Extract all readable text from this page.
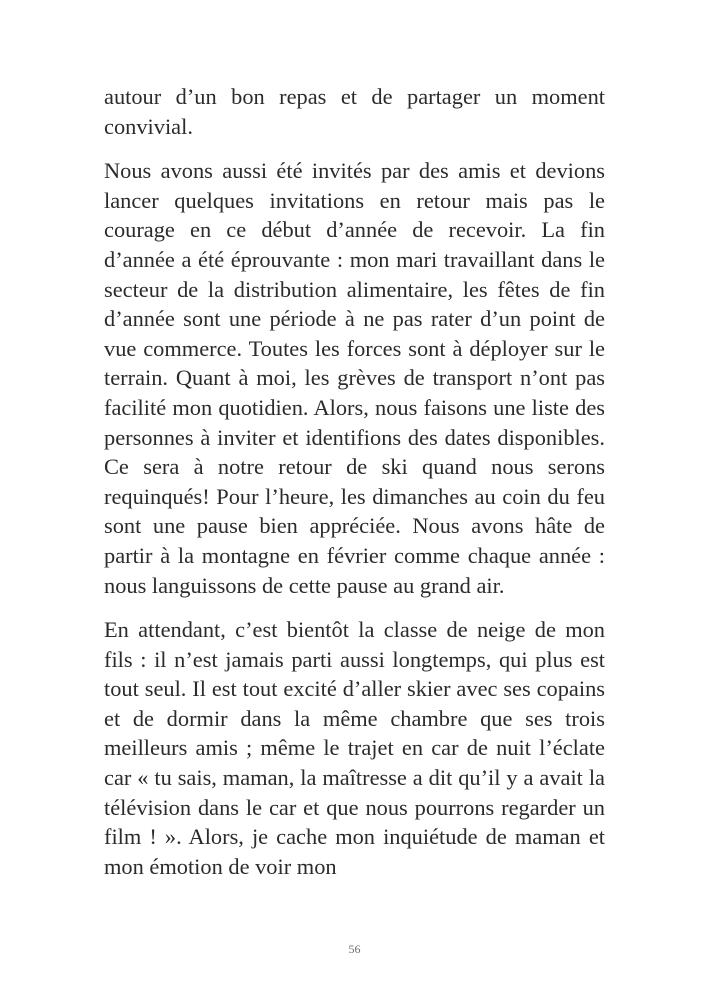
autour d’un bon repas et de partager un moment convivial.

Nous avons aussi été invités par des amis et devions lancer quelques invitations en retour mais pas le courage en ce début d’année de recevoir. La fin d’année a été éprouvante : mon mari travaillant dans le secteur de la distribution alimentaire, les fêtes de fin d’année sont une période à ne pas rater d’un point de vue commerce. Toutes les forces sont à déployer sur le terrain. Quant à moi, les grèves de transport n’ont pas facilité mon quotidien. Alors, nous faisons une liste des personnes à inviter et identifions des dates disponibles. Ce sera à notre retour de ski quand nous serons requinqués! Pour l’heure, les dimanches au coin du feu sont une pause bien appréciée. Nous avons hâte de partir à la montagne en février comme chaque année : nous languissons de cette pause au grand air.

En attendant, c’est bientôt la classe de neige de mon fils : il n’est jamais parti aussi longtemps, qui plus est tout seul. Il est tout excité d’aller skier avec ses copains et de dormir dans la même chambre que ses trois meilleurs amis ; même le trajet en car de nuit l’éclate car « tu sais, maman, la maîtresse a dit qu’il y a avait la télévision dans le car et que nous pourrons regarder un film ! ». Alors, je cache mon inquiétude de maman et mon émotion de voir mon

56
